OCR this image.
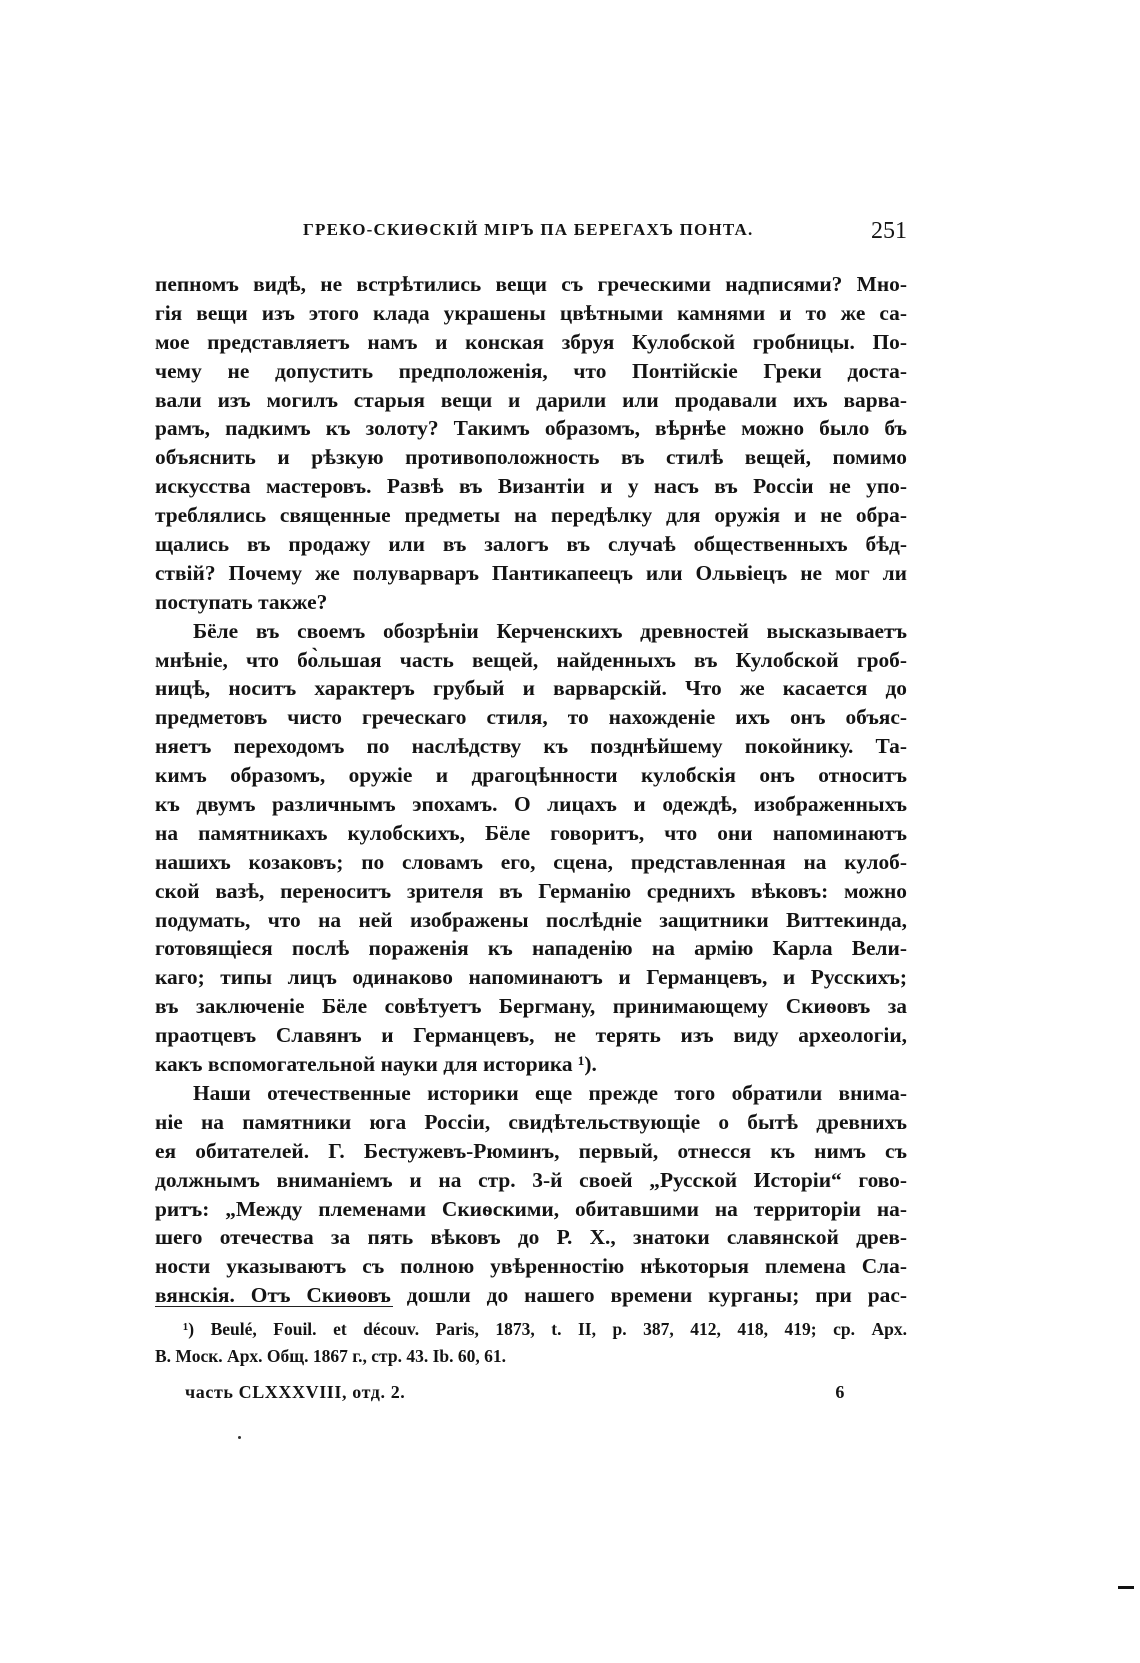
ГРЕКО-СКИѲСКІЙ МІРЪ ПА БЕРЕГАХЪ ПОНТА.	251
пепномъ видѣ, не встрѣтились вещи съ греческими надписями? Мно-
гія вещи изъ этого клада украшены цвѣтными камнями и то же са-
мое представляетъ намъ и конская збруя Кулобской гробницы. По-
чему не допустить предположенія, что Понтійскіе Греки доста-
вали изъ могилъ старыя вещи и дарили или продавали ихъ варва-
рамъ, падкимъ къ золоту? Такимъ образомъ, вѣрнѣе можно было бъ
объяснить и рѣзкую противоположность въ стилѣ вещей, помимо
искусства мастеровъ. Развѣ въ Византіи и у насъ въ Россіи не упо-
треблялись священные предметы на передѣлку для оружія и не обра-
щались въ продажу или въ залогъ въ случаѣ общественныхъ бѣд-
ствій? Почему же полуварваръ Пантикапеецъ или Ольвіецъ не мог ли
поступать также?
Бёле въ своемъ обозрѣніи Керченскихъ древностей высказываетъ
мнѣніе, что бо̀льшая часть вещей, найденныхъ въ Кулобской гроб-
ницѣ, носитъ характеръ грубый и варварскій. Что же касается до
предметовъ чисто греческаго стиля, то нахожденіе ихъ онъ объяс-
няетъ переходомъ по наслѣдству къ позднѣйшему покойнику. Та-
кимъ образомъ, оружіе и драгоцѣнности кулобскія онъ относитъ
къ двумъ различнымъ эпохамъ. О лицахъ и одеждѣ, изображенныхъ
на памятникахъ кулобскихъ, Бёле говоритъ, что они напоминаютъ
нашихъ козаковъ; по словамъ его, сцена, представленная на кулоб-
ской вазѣ, переноситъ зрителя въ Германію среднихъ вѣковъ: можно
подумать, что на ней изображены послѣдніе защитники Виттекинда,
готовящіеся послѣ пораженія къ нападенію на армію Карла Вели-
каго; типы лицъ одинаково напоминаютъ и Германцевъ, и Русскихъ;
въ заключеніе Бёле совѣтуетъ Бергману, принимающему Скиѳовъ за
праотцевъ Славянъ и Германцевъ, не терять изъ виду археологіи,
какъ вспомогательной науки для историка ¹).
Наши отечественные историки еще прежде того обратили внима-
ніе на памятники юга Россіи, свидѣтельствующіе о бытѣ древнихъ
ея обитателей. Г. Бестужевъ-Рюминъ, первый, отнесся къ нимъ съ
должнымъ вниманіемъ и на стр. 3-й своей „Русской Исторіи“ гово-
ритъ: „Между племенами Скиѳскими, обитавшими на территоріи на-
шего отечества за пять вѣковъ до Р. Х., знатоки славянской древ-
ности указываютъ съ полною увѣренностію нѣкоторыя племена Сла-
вянскія. Отъ Скиѳовъ дошли до нашего времени курганы; при рас-
¹) Beulé, Fouil. et découv. Paris, 1873, t. II, p. 387, 412, 418, 419; ср. Арх.
В. Моск. Арх. Общ. 1867 г., стр. 43. Ib. 60, 61.
часть CLXXXVIII, отд. 2.	6
